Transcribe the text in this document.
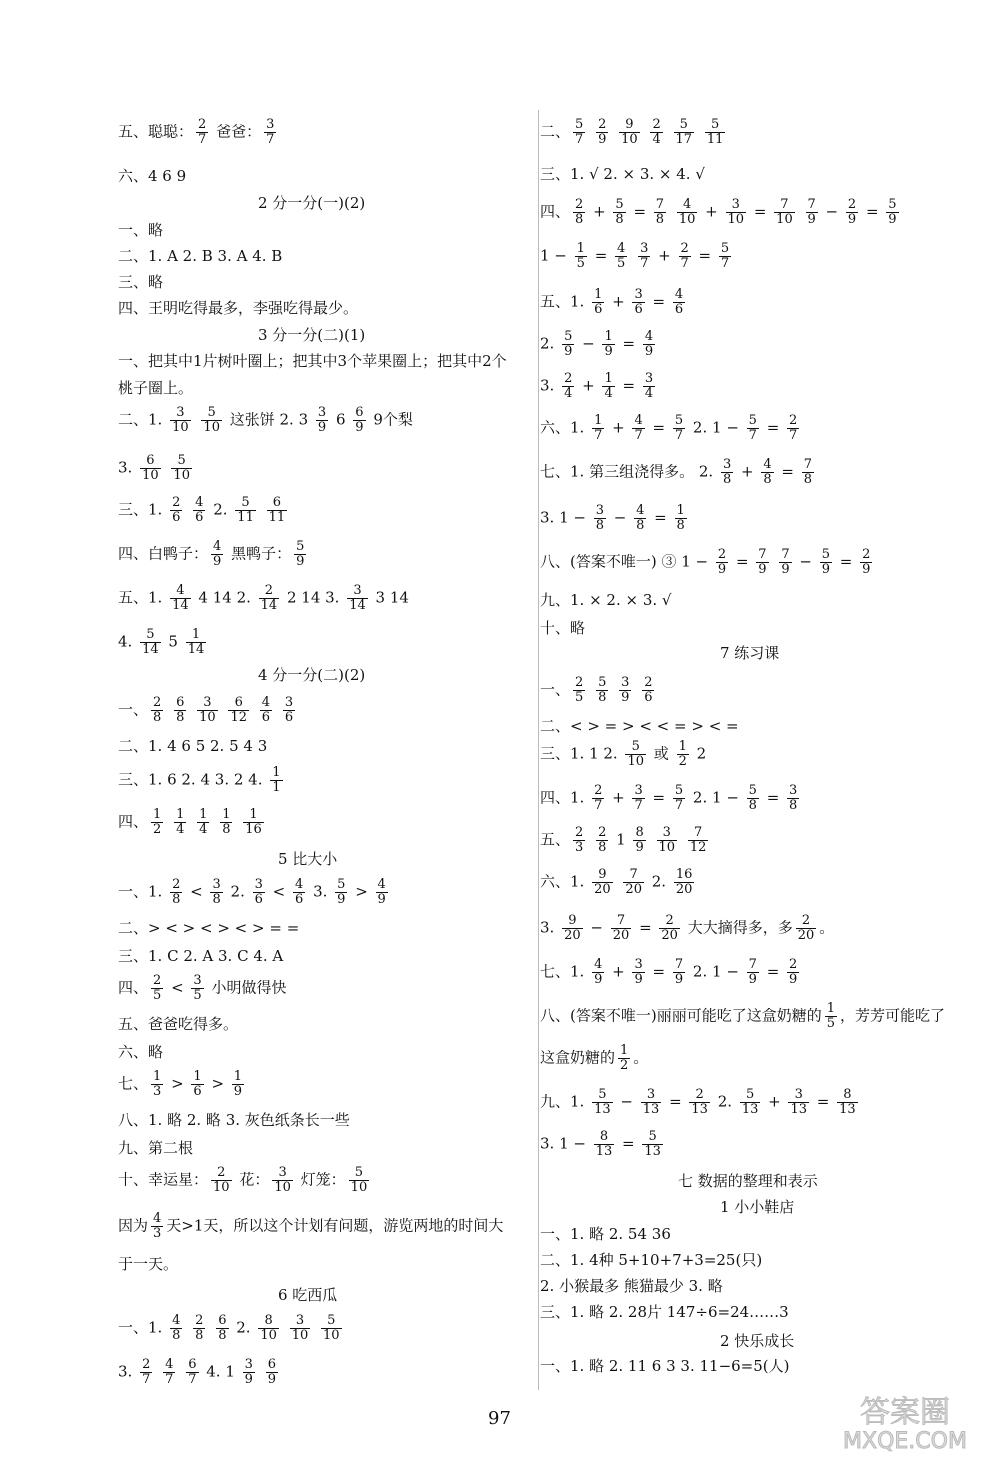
五、聪聪： $\frac{2}{7}$ 爸爸： $\frac{3}{7}$
六、4 6 9
2 分一分(一)(2)
一、略
二、1. A 2. B 3. A 4. B
三、略
四、王明吃得最多，李强吃得最少。
3 分一分(二)(1)
一、把其中1片树叶圈上；把其中3个苹果圈上；把其中2个
桃子圈上。
二、1. $\frac{3}{10}$
$\frac{5}{10}$ 这张饼 2. $3 \frac{3}{9} 6 \frac{6}{9} 9$个梨
3. $\frac{6}{10}$
$\frac{5}{10}$
三、1. $\frac{2}{6}$
$\frac{4}{6} 2$. $\frac{5}{11}$
$\frac{6}{11}$
四、白鸭子： $\frac{4}{9}$ 黑鸭子： $\frac{5}{9}$
五、1. $\frac{4}{14} 4$ 14 2. $\frac{2}{14} 2$ 14 3. $\frac{3}{14} 3$ 14
4. $\frac{5}{14} 5 \frac{1}{14}$
4 分一分(二)(2)
一、 $\frac{2}{8}$
$\frac{6}{8}$
$\frac{3}{10}$
$\frac{6}{12}$
$\frac{4}{6}$
$\frac{3}{6}$
二、1. 4 6 5 2. 5 4 3
三、1. 6 2. 4 3. 2 4. $\frac{1}{1}$
四、 $\frac{1}{2}$
$\frac{1}{4}$
$\frac{1}{4}$
$\frac{1}{8}$
$\frac{1}{16}$
5 比大小
一、1. $\frac{2}{8} < \frac{3}{8} 2$. $\frac{3}{6} < \frac{4}{6} 3$. $\frac{5}{9} > \frac{4}{9}$
二、> < > < > < > = =
三、1. C 2. A 3. C 4. A
四、 $\frac{2}{5} < \frac{3}{5}$ 小明做得快
五、爸爸吃得多。
六、略
七、 $\frac{1}{3} > \frac{1}{6} > \frac{1}{9}$
八、1. 略 2. 略 3. 灰色纸条长一些
九、第二根
十、幸运星： $\frac{2}{10}$ 花： $\frac{3}{10}$ 灯笼： $\frac{5}{10}$
因为 $\frac{4}{3}$ 天>1天，所以这个计划有问题，游览两地的时间大
于一天。
6 吃西瓜
一、1. $\frac{4}{8}$
$\frac{2}{8}$
$\frac{6}{8} 2$. $\frac{8}{10}$
$\frac{3}{10}$
$\frac{5}{10}$
3. $\frac{2}{7}$
$\frac{4}{7}$
$\frac{6}{7} 4$. $1 \frac{3}{9}$
$\frac{6}{9}$
二、 $\frac{5}{7}$
$\frac{2}{9}$
$\frac{9}{10}$
$\frac{2}{4}$
$\frac{5}{17}$
$\frac{5}{11}$
三、1. √ 2. × 3. × 4. √
四、 $\frac{2}{8} + \frac{5}{8} = \frac{7}{8}$
$\frac{4}{10} + \frac{3}{10} = \frac{7}{10}$
$\frac{7}{9} - \frac{2}{9} = \frac{5}{9}$
$1 - \frac{1}{5} = \frac{4}{5}$
$\frac{3}{7} + \frac{2}{7} = \frac{5}{7}$
五、1. $\frac{1}{6} + \frac{3}{6} = \frac{4}{6}$
2. $\frac{5}{9} - \frac{1}{9} = \frac{4}{9}$
3. $\frac{2}{4} + \frac{1}{4} = \frac{3}{4}$
六、1. $\frac{1}{7} + \frac{4}{7} = \frac{5}{7} 2$. $1 - \frac{5}{7} = \frac{2}{7}$
七、1. 第三组浇得多。 2. $\frac{3}{8} + \frac{4}{8} = \frac{7}{8}$
3. $1 - \frac{3}{8} - \frac{4}{8} = \frac{1}{8}$
八、(答案不唯一) ③ $1 - \frac{2}{9} = \frac{7}{9}$
$\frac{7}{9} - \frac{5}{9} = \frac{2}{9}$
九、1. × 2. × 3. √
十、略
7 练习课
一、 $\frac{2}{5}$
$\frac{5}{8}$
$\frac{3}{9}$
$\frac{2}{6}$
二、< > = > < < = > < =
三、1. 1 2. $\frac{5}{10}$ 或 $\frac{1}{2} 2$
四、1. $\frac{2}{7} + \frac{3}{7} = \frac{5}{7} 2$. $1 - \frac{5}{8} = \frac{3}{8}$
五、 $\frac{2}{3}$
$\frac{2}{8} 1 \frac{8}{9}$
$\frac{3}{10}$
$\frac{7}{12}$
六、1. $\frac{9}{20}$
$\frac{7}{20} 2$. $\frac{16}{20}$
3. $\frac{9}{20} - \frac{7}{20} = \frac{2}{20}$ 大大摘得多，多 $\frac{2}{20}$ 。
七、1. $\frac{4}{9} + \frac{3}{9} = \frac{7}{9} 2$. $1 - \frac{7}{9} = \frac{2}{9}$
八、(答案不唯一)丽丽可能吃了这盒奶糖的 $\frac{1}{5}$ ，芳芳可能吃了
这盒奶糖的 $\frac{1}{2}$ 。
九、1. $\frac{5}{13} - \frac{3}{13} = \frac{2}{13} 2$. $\frac{5}{13} + \frac{3}{13} = \frac{8}{13}$
3. $1 - \frac{8}{13} = \frac{5}{13}$
七 数据的整理和表示
1 小小鞋店
一、1. 略 2. 54 36
二、1. 4种 5+10+7+3=25(只)
2. 小猴最多 熊猫最少 3. 略
三、1. 略 2. 28片 147÷6=24……3
2 快乐成长
一、1. 略 2. 11 6 3 3. 11−6=5(人)
97	答案圈
MXQE.COM
